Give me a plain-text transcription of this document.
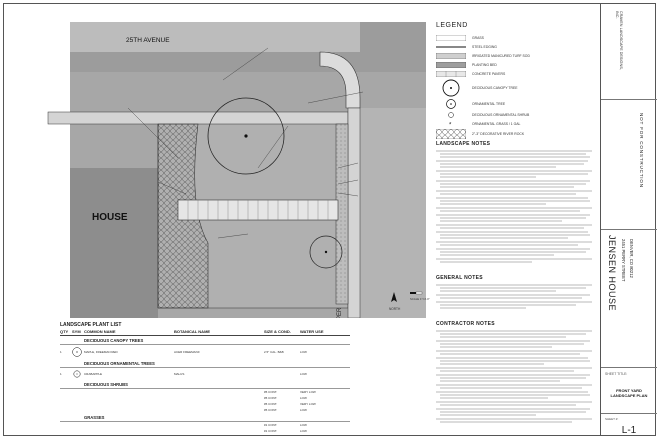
25TH AVENUE
HOUSE
NORTH
SCALE 1"=4'-0"
LEGEND
GRASS
STEEL EDGING
IRRIGATED MANICURED TURF SOD
PLANTING BED
CONCRETE PAVERS
DECIDUOUS CANOPY TREE
ORNAMENTAL TREE
DECIDUOUS ORNAMENTAL SHRUB
*	ORNAMENTAL GRASS / 1 GAL
2"-3" DECORATIVE RIVER ROCK
LANDSCAPE NOTES
GENERAL NOTES
CONTRACTOR NOTES
LANDSCAPE PLANT LIST
QTY SYM COMMON NAME	BOTANICAL NAME	SIZE & COND.	WATER USE
DECIDUOUS CANOPY TREES
1	MAPLE, FREEMAN RED	ACER FREEMANII	2.5" CAL. B&B	LOW
DECIDUOUS ORNAMENTAL TREES
1	CRABAPPLE	MALUS	LOW
DECIDUOUS SHRUBS
#5 CONT.	VERY LOW
#5 CONT.	LOW
#5 CONT.	VERY LOW
#5 CONT.	LOW
GRASSES
#1 CONT.	LOW
#1 CONT.	LOW
CRAVEN LANDSCAPE DESIGNS, INC.
NOT FOR CONSTRUCTION
JENSEN HOUSE 2451 PERRY STREET DENVER, CO 80212
SHEET TITLE:
FRONT YARD LANDSCAPE PLAN
SHEET #:
L-1
